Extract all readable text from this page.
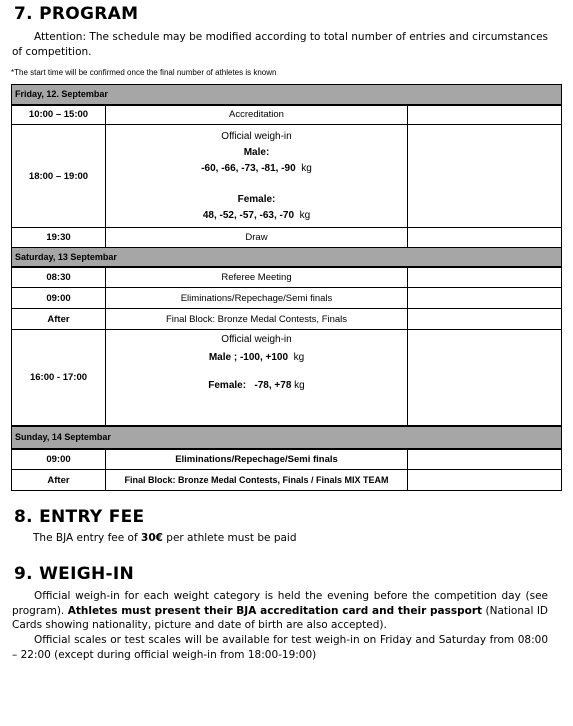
7. PROGRAM
Attention: The schedule may be modified according to total number of entries and circumstances of competition.
*The start time will be confirmed once the final number of athletes is known
Friday, 12. Septembar		
10:00 – 15:00	Accreditation	
18:00 – 19:00	Official weigh-in
Male:
-60, -66, -73, -81, -90 kg
Female:
48, -52, -57, -63, -70 kg	

19:30	Draw	
Saturday, 13 Septembar		
08:30	Referee Meeting	
09:00	Eliminations/Repechage/Semi finals	
After	Final Block: Bronze Medal Contests, Finals	
16:00 - 17:00	Official weigh-in
Male ; -100, +100 kg
Female: -78, +78 kg	

Sunday, 14 Septembar		
09:00	Eliminations/Repechage/Semi finals	
After	Final Block: Bronze Medal Contests, Finals / Finals MIX TEAM	
8. ENTRY FEE
The BJA entry fee of 30€ per athlete must be paid
9. WEIGH-IN
Official weigh-in for each weight category is held the evening before the competition day (see program). Athletes must present their BJA accreditation card and their passport (National ID Cards showing nationality, picture and date of birth are also accepted).
Official scales or test scales will be available for test weigh-in on Friday and Saturday from 08:00 – 22:00 (except during official weigh-in from 18:00-19:00)
